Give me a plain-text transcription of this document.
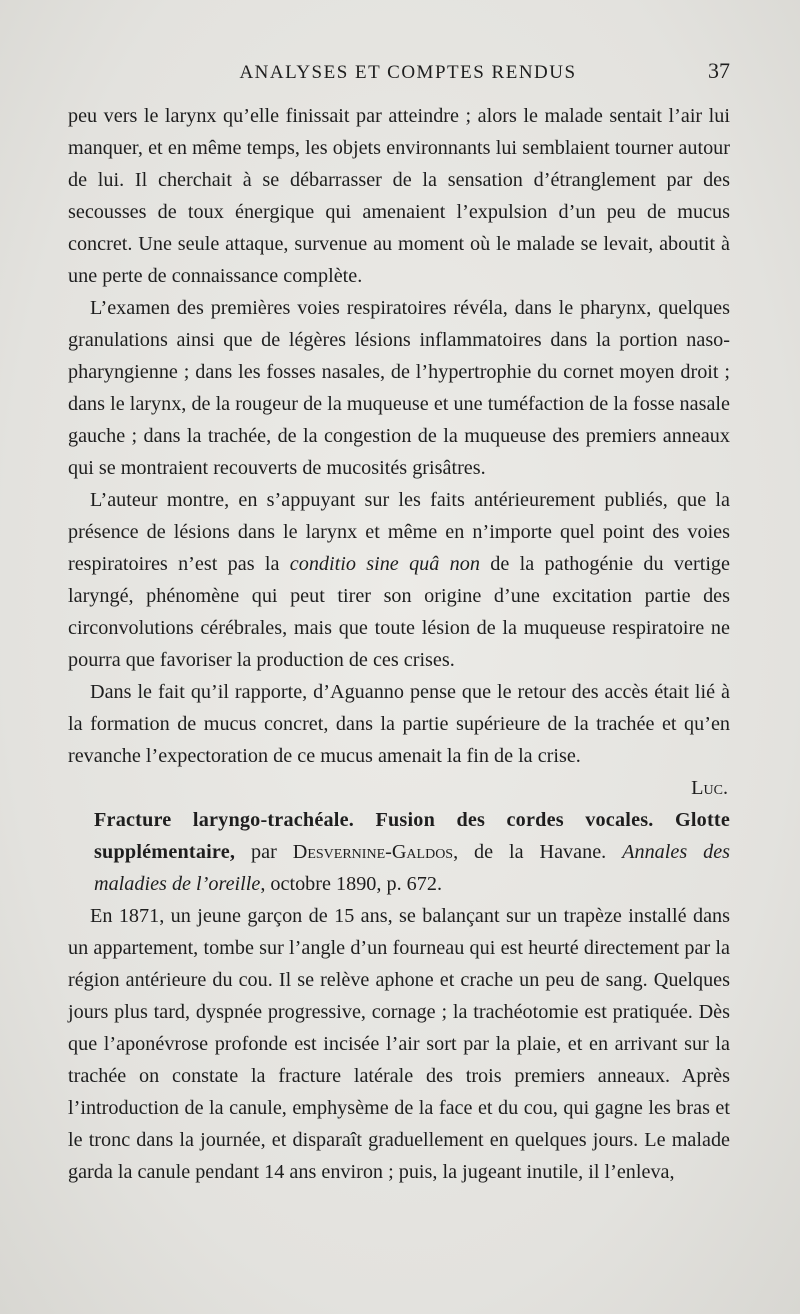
ANALYSES ET COMPTES RENDUS	37

peu vers le larynx qu’elle finissait par atteindre ; alors le malade sentait l’air lui manquer, et en même temps, les objets environnants lui semblaient tourner autour de lui. Il cherchait à se débarrasser de la sensation d’étranglement par des secousses de toux énergique qui amenaient l’expulsion d’un peu de mucus concret. Une seule attaque, survenue au moment où le malade se levait, aboutit à une perte de connaissance complète.

L’examen des premières voies respiratoires révéla, dans le pharynx, quelques granulations ainsi que de légères lésions inflammatoires dans la portion naso-pharyngienne ; dans les fosses nasales, de l’hypertrophie du cornet moyen droit ; dans le larynx, de la rougeur de la muqueuse et une tuméfaction de la fosse nasale gauche ; dans la trachée, de la congestion de la muqueuse des premiers anneaux qui se montraient recouverts de mucosités grisâtres.

L’auteur montre, en s’appuyant sur les faits antérieurement publiés, que la présence de lésions dans le larynx et même en n’importe quel point des voies respiratoires n’est pas la conditio sine quâ non de la pathogénie du vertige laryngé, phénomène qui peut tirer son origine d’une excitation partie des circonvolutions cérébrales, mais que toute lésion de la muqueuse respiratoire ne pourra que favoriser la production de ces crises.

Dans le fait qu’il rapporte, d’Aguanno pense que le retour des accès était lié à la formation de mucus concret, dans la partie supérieure de la trachée et qu’en revanche l’expectoration de ce mucus amenait la fin de la crise.

Luc.

Fracture laryngo-trachéale. Fusion des cordes vocales. Glotte supplémentaire, par Desvernine-Galdos, de la Havane. Annales des maladies de l’oreille, octobre 1890, p. 672.

En 1871, un jeune garçon de 15 ans, se balançant sur un trapèze installé dans un appartement, tombe sur l’angle d’un fourneau qui est heurté directement par la région antérieure du cou. Il se relève aphone et crache un peu de sang. Quelques jours plus tard, dyspnée progressive, cornage ; la trachéotomie est pratiquée. Dès que l’aponévrose profonde est incisée l’air sort par la plaie, et en arrivant sur la trachée on constate la fracture latérale des trois premiers anneaux. Après l’introduction de la canule, emphysème de la face et du cou, qui gagne les bras et le tronc dans la journée, et disparaît graduellement en quelques jours. Le malade garda la canule pendant 14 ans environ ; puis, la jugeant inutile, il l’enleva,
